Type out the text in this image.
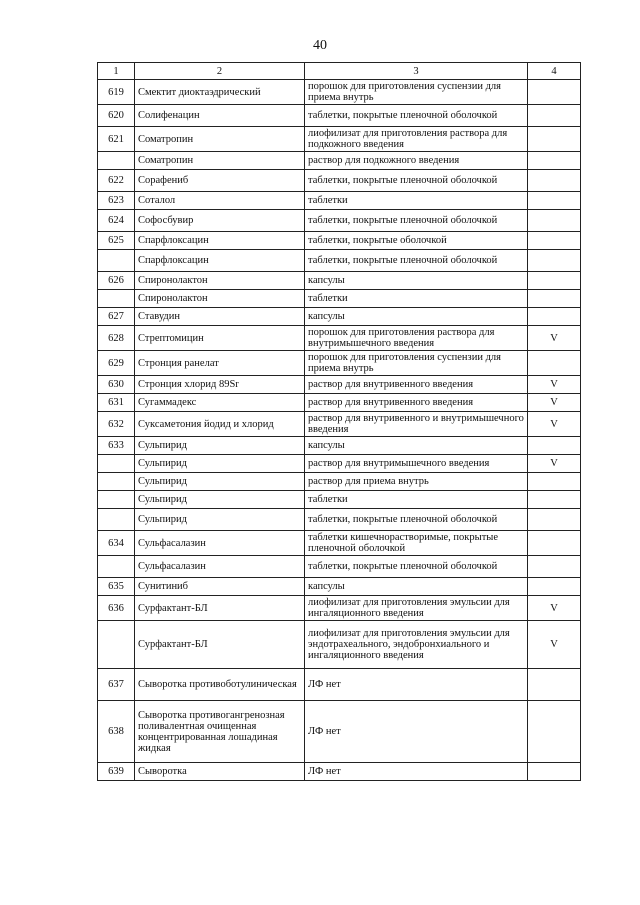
40
1	2	3	4
619	Смектит диоктаэдрический	порошок для приготовления суспензии для приема внутрь	
620	Солифенацин	таблетки, покрытые пленочной оболочкой	
621	Соматропин	лиофилизат для приготовления раствора для подкожного введения	
	Соматропин	раствор для подкожного введения	
622	Сорафениб	таблетки, покрытые пленочной оболочкой	
623	Соталол	таблетки	
624	Софосбувир	таблетки, покрытые пленочной оболочкой	
625	Спарфлоксацин	таблетки, покрытые оболочкой	
	Спарфлоксацин	таблетки, покрытые пленочной оболочкой	
626	Спиронолактон	капсулы	
	Спиронолактон	таблетки	
627	Ставудин	капсулы	
628	Стрептомицин	порошок для приготовления раствора для внутримышечного введения	V
629	Стронция ранелат	порошок для приготовления суспензии для приема внутрь	
630	Стронция хлорид 89Sr	раствор для внутривенного введения	V
631	Сугаммадекс	раствор для внутривенного введения	V
632	Суксаметония йодид и хлорид	раствор для внутривенного и внутримышечного введения	V
633	Сульпирид	капсулы	
	Сульпирид	раствор для внутримышечного введения	V
	Сульпирид	раствор для приема внутрь	
	Сульпирид	таблетки	
	Сульпирид	таблетки, покрытые пленочной оболочкой	
634	Сульфасалазин	таблетки кишечнорастворимые, покрытые пленочной оболочкой	
	Сульфасалазин	таблетки, покрытые пленочной оболочкой	
635	Сунитиниб	капсулы	
636	Сурфактант-БЛ	лиофилизат для приготовления эмульсии для ингаляционного введения	V
	Сурфактант-БЛ	лиофилизат для приготовления эмульсии для эндотрахеального, эндобронхиального и ингаляционного введения	V
637	Сыворотка противоботулиническая	ЛФ нет	
638	Сыворотка противогангренозная поливалентная очищенная концентрированная лошадиная жидкая	ЛФ нет	
639	Сыворотка	ЛФ нет	
